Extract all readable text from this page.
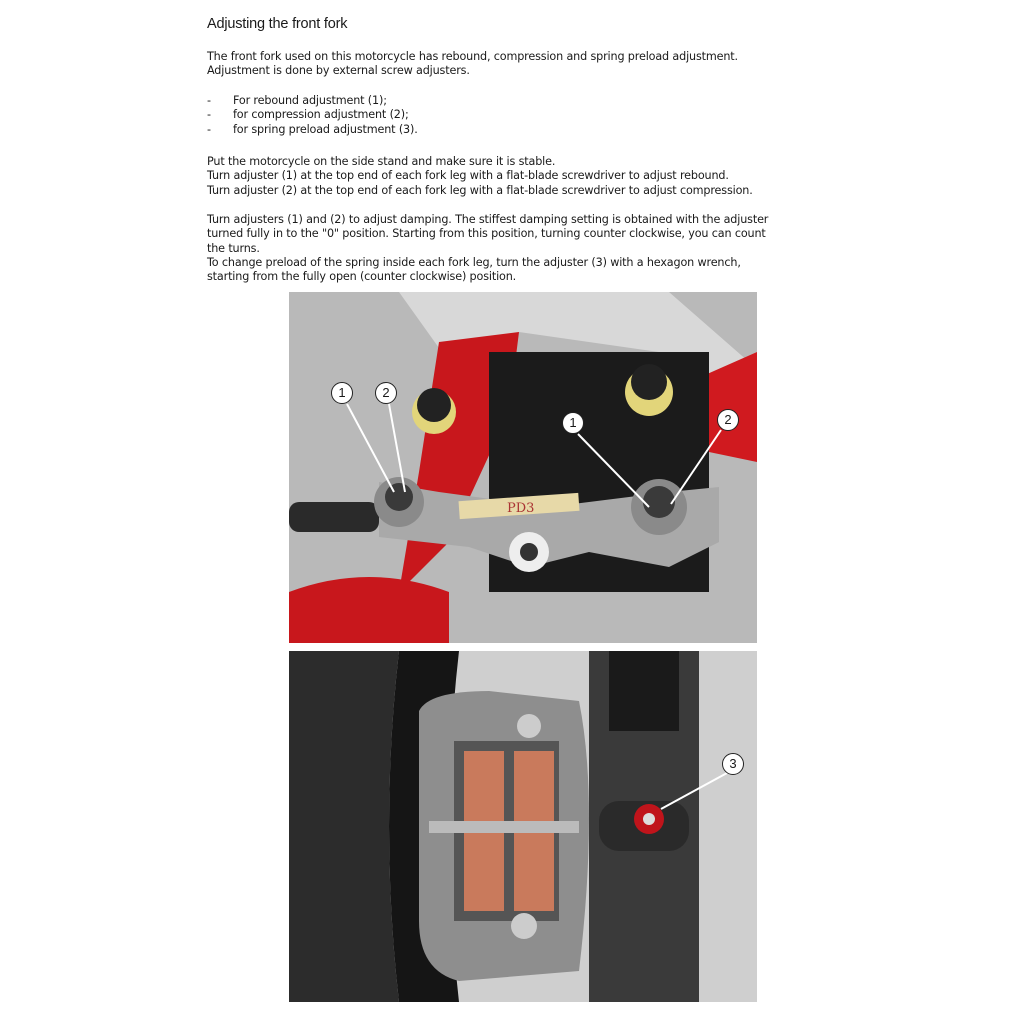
Adjusting the front fork

The front fork used on this motorcycle has rebound, compression and spring preload adjustment.

Adjustment is done by external screw adjusters.

-	For rebound adjustment (1);
-	for compression adjustment (2);
-	for spring preload adjustment (3).

Put the motorcycle on the side stand and make sure it is stable.

Turn adjuster (1) at the top end of each fork leg with a flat-blade screwdriver to adjust rebound.

Turn adjuster (2) at the top end of each fork leg with a flat-blade screwdriver to adjust compression.

Turn adjusters (1) and (2) to adjust damping. The stiffest damping setting is obtained with the adjuster

turned fully in to the "0" position. Starting from this position, turning counter clockwise, you can count

the turns.

To change preload of the spring inside each fork leg, turn the adjuster (3) with a hexagon wrench,

starting from the fully open (counter clockwise) position.

PD3
1	2
1	2
3
